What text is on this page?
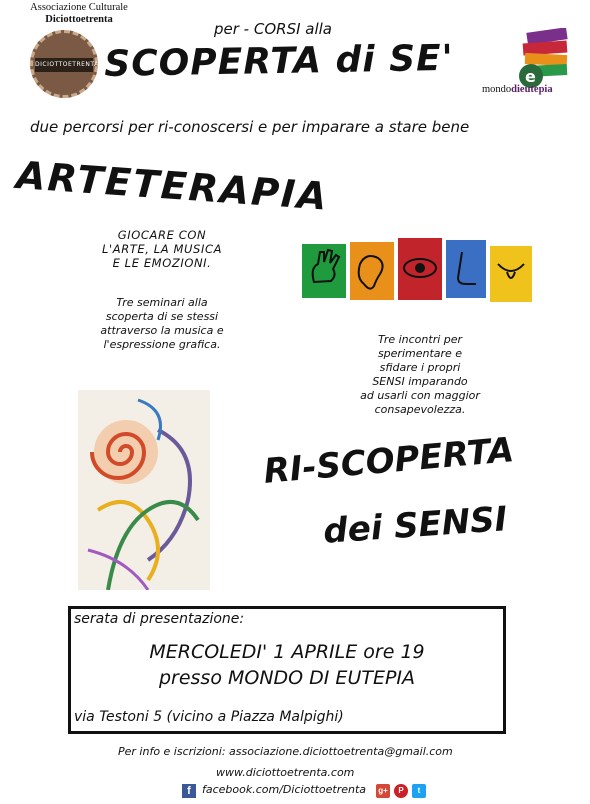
Associazione Culturale
Diciottoetrenta
DICIOTTOETRENTA
per - CORSI alla
SCOPERTA di SE'	e
mondodieutepia
due percorsi per ri-conoscersi e per imparare a stare bene
ARTETERAPIA
GIOCARE CON
L'ARTE, LA MUSICA
E LE EMOZIONI.
Tre seminari alla
scoperta di se stessi
attraverso la musica e
l'espressione grafica.	Tre incontri per
sperimentare e
sfidare i propri
SENSI imparando
ad usarli con maggior
consapevolezza.
RI-SCOPERTA
dei SENSI
serata di presentazione:
MERCOLEDI' 1 APRILE ore 19
presso MONDO DI EUTEPIA
via Testoni 5 (vicino a Piazza Malpighi)
Per info e iscrizioni: associazione.diciottoetrenta@gmail.com
www.diciottoetrenta.com
f	facebook.com/Diciottoetrenta g+	P	t
